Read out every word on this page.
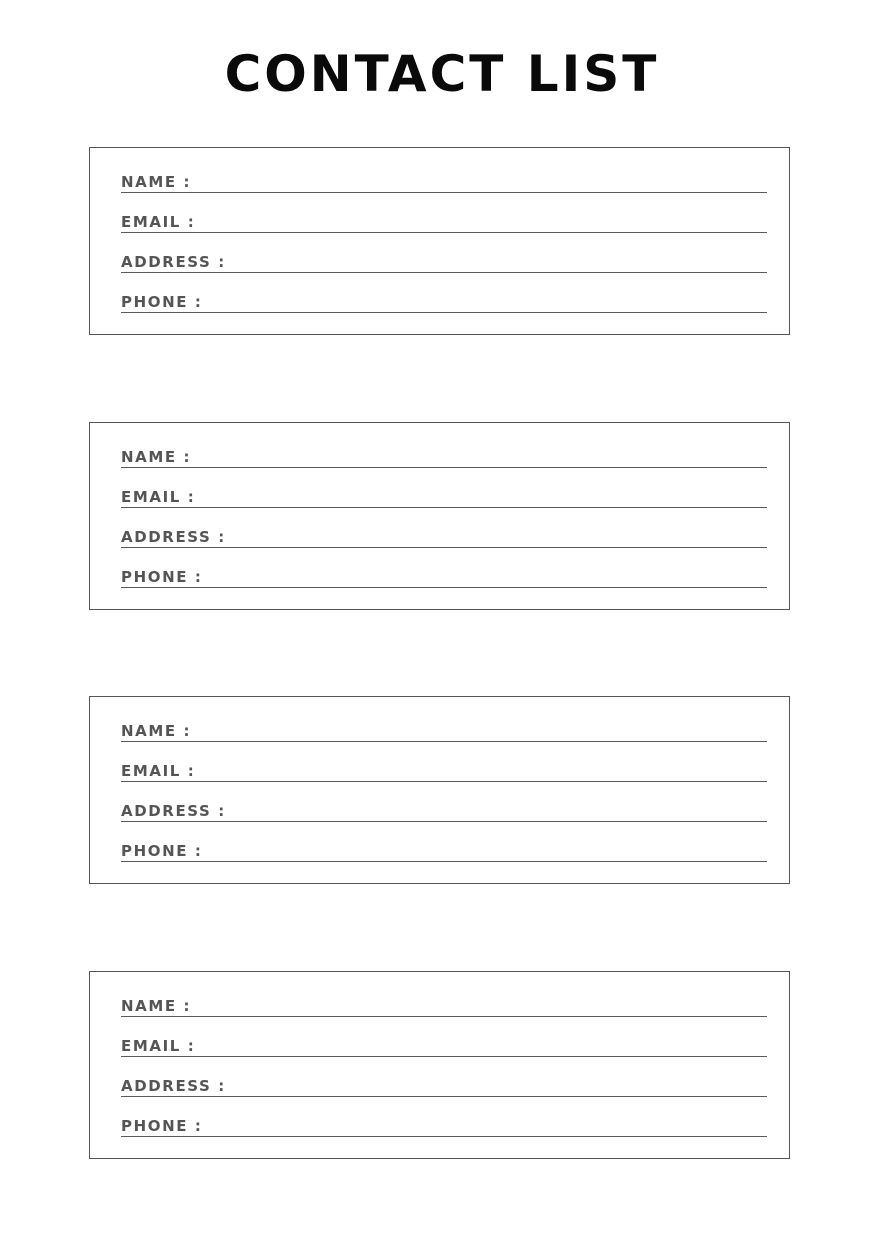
CONTACT LIST
NAME :
EMAIL :
ADDRESS :
PHONE :
NAME :
EMAIL :
ADDRESS :
PHONE :
NAME :
EMAIL :
ADDRESS :
PHONE :
NAME :
EMAIL :
ADDRESS :
PHONE :
